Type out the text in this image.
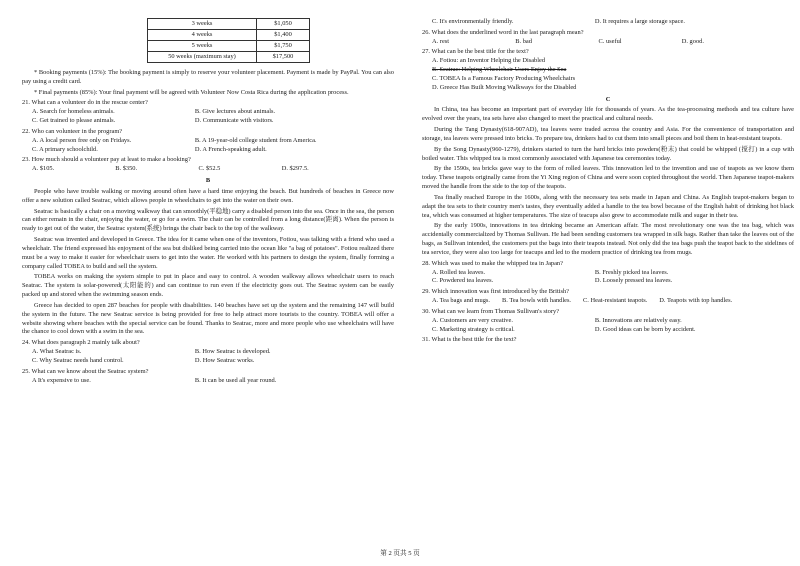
3 weeks	$1,050
4 weeks	$1,400
5 weeks	$1,750
50 weeks (maximum stay)	$17,500

* Booking payments (15%): The booking payment is simply to reserve your volunteer placement. Payment is made by PayPal. You can also pay using a credit card.

* Final payments (85%): Your final payment will be agreed with Volunteer Now Costa Rica during the application process.

21. What can a volunteer do in the rescue center?

A. Search for homeless animals.	B. Give lectures about animals.
C. Get trained to please animals.	D. Communicate with visitors.

22. Who can volunteer in the program?

A. A local person free only on Fridays.	B. A 19-year-old college student from America.
C. A primary schoolchild.	D. A French-speaking adult.

23. How much should a volunteer pay at least to make a booking?

A. $105.	B. $350.	C. $52.5	D. $297.5.

B

People who have trouble walking or moving around often have a hard time enjoying the beach. But hundreds of beaches in Greece now offer a new solution called Seatrac, which allows people in wheelchairs to get into the water on their own.

Seatrac is basically a chair on a moving walkway that can smoothly(平稳地) carry a disabled person into the sea. Once in the sea, the person can either remain in the chair, enjoying the water, or go for a swim. The chair can be controlled from a long distance(距离). When the person is ready to get out of the water, the Seatrac system(系统) brings the chair back to the top of the walkway.

Seatrac was invented and developed in Greece. The idea for it came when one of the inventors, Fotiou, was talking with a friend who used a wheelchair. The friend expressed his enjoyment of the sea but disliked being carried into the ocean like "a bag of potatoes". Fotiou realized there must be a way to make it easier for wheelchair users to get into the water. He worked with his partners to design the system, finally forming a company called TOBEA to build and sell the system.

TOBEA works on making the system simple to put in place and easy to control. A wooden walkway allows wheelchair users to reach Seatrac. The system is solar-powered(太阳能的) and can continue to run even if the electricity goes out. The Seatrac system can be easily packed up and stored when the swimming season ends.

Greece has decided to open 287 beaches for people with disabilities. 140 beaches have set up the system and the remaining 147 will build the system in the future. The new Seatrac service is being provided for free to help attract more tourists to the country. TOBEA will offer a website showing where beaches with the special service can be found. Thanks to Seatrac, more and more people who use wheelchairs will have the chance to cool down with a swim in the sea.

24. What does paragraph 2 mainly talk about?

A. What Seatrac is.	B. How Seatrac is developed.
C. Why Seatrac needs hand control.	D. How Seatrac works.

25. What can we know about the Seatrac system?

A It's expensive to use.	B. It can be used all year round.
C. It's environmentally friendly.	D. It requires a large storage space.

26. What does the underlined word in the last paragraph mean?

A. rest	B. bad	C. useful	D. good.

27. What can be the best title for the text?

A. Fotiou: an Inventor Helping the Disabled
B. Seatrac: Helping Wheelchair Users Enjoy the Sea
C. TOBEA Is a Famous Factory Producing Wheelchairs
D. Greece Has Built Moving Walkways for the Disabled

C

In China, tea has become an important part of everyday life for thousands of years. As the tea-processing methods and tea culture have evolved over the years, tea sets have also changed to meet the practical and cultural needs.

During the Tang Dynasty(618-907AD), tea leaves were traded across the country and Asia. For the convenience of transportation and storage, tea leaves were pressed into bricks. To prepare tea, drinkers had to cut them into small pieces and boil them in heat-resistant teapots.

By the Song Dynasty(960-1279), drinkers started to turn the hard bricks into powders(粉末) that could be whipped (搅打) in a cup with boiled water. This whipped tea is most commonly associated with Japanese tea ceremonies today.

By the 1590s, tea bricks gave way to the form of rolled leaves. This innovation led to the invention and use of teapots as we know them today. These teapots originally came from the Yi Xing region of China and were soon copied throughout the world. Then Japanese teapot-makers moved the handle from the side to the top of the teapots.

Tea finally reached Europe in the 1600s, along with the necessary tea sets made in Japan and China. As English teapot-makers began to adapt the tea sets to their country men's tastes, they eventually added a handle to the tea bowl because of the English habit of drinking hot black tea, which was consumed at higher temperatures. The size of teacups also grew to accommodate milk and sugar in their tea.

By the early 1900s, innovations in tea drinking became an American affair. The most revolutionary one was the tea bag, which was accidentally commercialized by Thomas Sullivan. He had been sending customers tea wrapped in silk bags. Rather than take the leaves out of the bags, as Sullivan intended, the customers put the bags into their teapots instead. Not only did the tea bags push the teapot back to the sidelines of tea service, they were also too large for teacups and led to the modern practice of drinking tea from mugs.

28. Which was used to make the whipped tea in Japan?

A. Rolled tea leaves.	B. Freshly picked tea leaves.
C. Powdered tea leaves.	D. Loosely pressed tea leaves.

29. Which innovation was first introduced by the British?

A. Tea bags and mugs. B. Tea bowls with handles. C. Heat-resistant teapots. D. Teapots with top handles.

30. What can we learn from Thomas Sullivan's story?

A. Customers are very creative.	B. Innovations are relatively easy.
C. Marketing strategy is critical.	D. Good ideas can be born by accident.

31. What is the best title for the text?

第 2 页共 5 页
